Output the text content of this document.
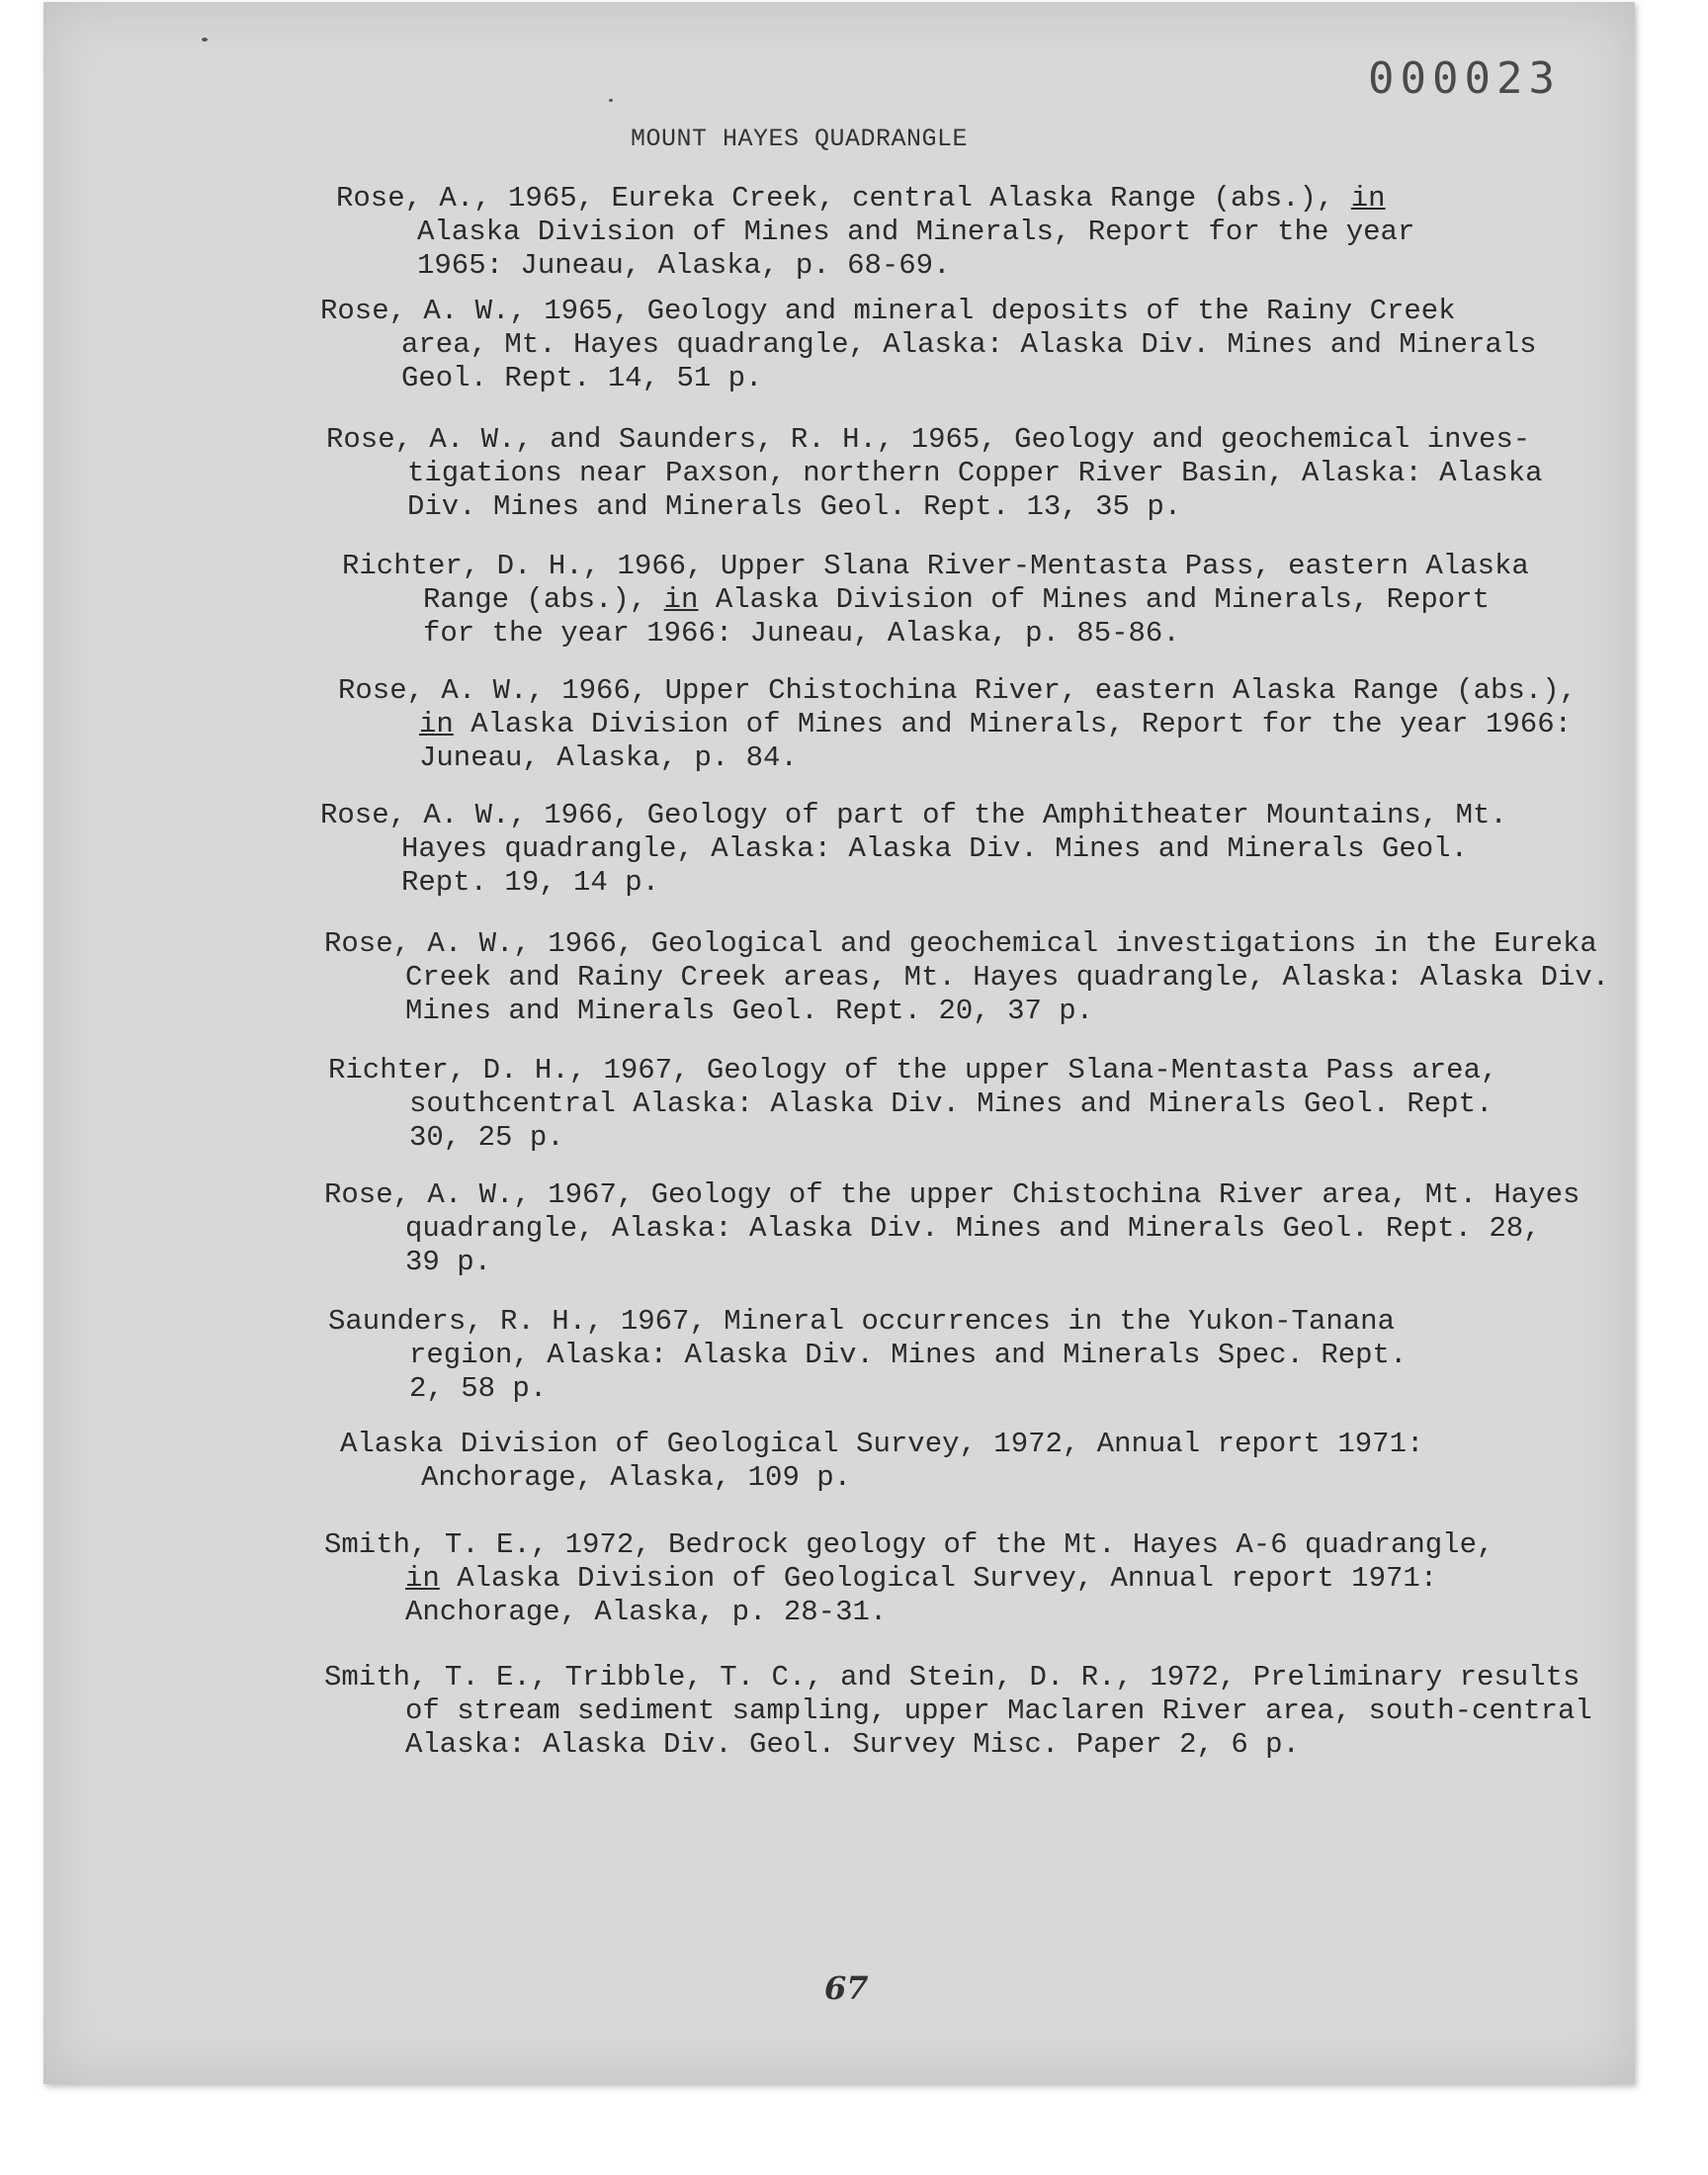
000023
MOUNT HAYES QUADRANGLE
Rose, A., 1965, Eureka Creek, central Alaska Range (abs.), in
Alaska Division of Mines and Minerals, Report for the year
1965: Juneau, Alaska, p. 68-69.
Rose, A. W., 1965, Geology and mineral deposits of the Rainy Creek
area, Mt. Hayes quadrangle, Alaska: Alaska Div. Mines and Minerals
Geol. Rept. 14, 51 p.
Rose, A. W., and Saunders, R. H., 1965, Geology and geochemical inves-
tigations near Paxson, northern Copper River Basin, Alaska: Alaska
Div. Mines and Minerals Geol. Rept. 13, 35 p.
Richter, D. H., 1966, Upper Slana River-Mentasta Pass, eastern Alaska
Range (abs.), in Alaska Division of Mines and Minerals, Report
for the year 1966: Juneau, Alaska, p. 85-86.
Rose, A. W., 1966, Upper Chistochina River, eastern Alaska Range (abs.),
in Alaska Division of Mines and Minerals, Report for the year 1966:
Juneau, Alaska, p. 84.
Rose, A. W., 1966, Geology of part of the Amphitheater Mountains, Mt.
Hayes quadrangle, Alaska: Alaska Div. Mines and Minerals Geol.
Rept. 19, 14 p.
Rose, A. W., 1966, Geological and geochemical investigations in the Eureka
Creek and Rainy Creek areas, Mt. Hayes quadrangle, Alaska: Alaska Div.
Mines and Minerals Geol. Rept. 20, 37 p.
Richter, D. H., 1967, Geology of the upper Slana-Mentasta Pass area,
southcentral Alaska: Alaska Div. Mines and Minerals Geol. Rept.
30, 25 p.
Rose, A. W., 1967, Geology of the upper Chistochina River area, Mt. Hayes
quadrangle, Alaska: Alaska Div. Mines and Minerals Geol. Rept. 28,
39 p.
Saunders, R. H., 1967, Mineral occurrences in the Yukon-Tanana
region, Alaska: Alaska Div. Mines and Minerals Spec. Rept.
2, 58 p.
Alaska Division of Geological Survey, 1972, Annual report 1971:
Anchorage, Alaska, 109 p.
Smith, T. E., 1972, Bedrock geology of the Mt. Hayes A-6 quadrangle,
in Alaska Division of Geological Survey, Annual report 1971:
Anchorage, Alaska, p. 28-31.
Smith, T. E., Tribble, T. C., and Stein, D. R., 1972, Preliminary results
of stream sediment sampling, upper Maclaren River area, south-central
Alaska: Alaska Div. Geol. Survey Misc. Paper 2, 6 p.
67
